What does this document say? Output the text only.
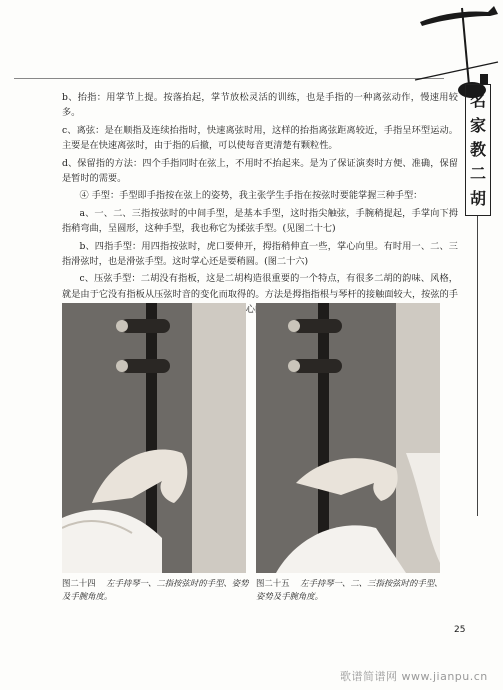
名
家
教
二
胡

b、抬指：用掌节上提。按落抬起，掌节放松灵活的训练，也是手指的一种离弦动作，慢速用较多。

c、离弦：是在顺指及连续抬指时，快速离弦时用，这样的抬指离弦距离较近，手指呈环型运动。主要是在快速离弦时，由于指的后撤，可以使每音更清楚有颗粒性。

d、保留指的方法：四个手指同时在弦上，不用时不抬起来。是为了保证演奏时方便、准确，保留是暂时的需要。

④ 手型：手型即手指按在弦上的姿势，我主张学生手指在按弦时要能掌握三种手型：

a、一、二、三指按弦时的中间手型，是基本手型，这时指尖触弦，手腕稍提起，手掌向下拇指稍弯曲，呈圆形，这种手型，我也称它为揉弦手型。(见图二十七)

b、四指手型：用四指按弦时，虎口要伸开，拇指稍伸直一些，掌心向里。有时用一、二、三指滑弦时，也是滑弦手型。这时掌心还是要稍圆。(图二十六)

c、压弦手型：二胡没有指板，这是二胡构造很重要的一个特点，有很多二胡的韵味、风格，就是由于它没有指板从压弦时音的变化而取得的。方法是拇指指根与琴杆的接触面较大，按弦的手 心向

图二十四 左手持琴一、二指按弦时的手型、姿势及手腕角度。
图二十五 左手持琴一、二、三指按弦时的手型、姿势及手腕角度。
25
歌谱简谱网 www.jianpu.cn
